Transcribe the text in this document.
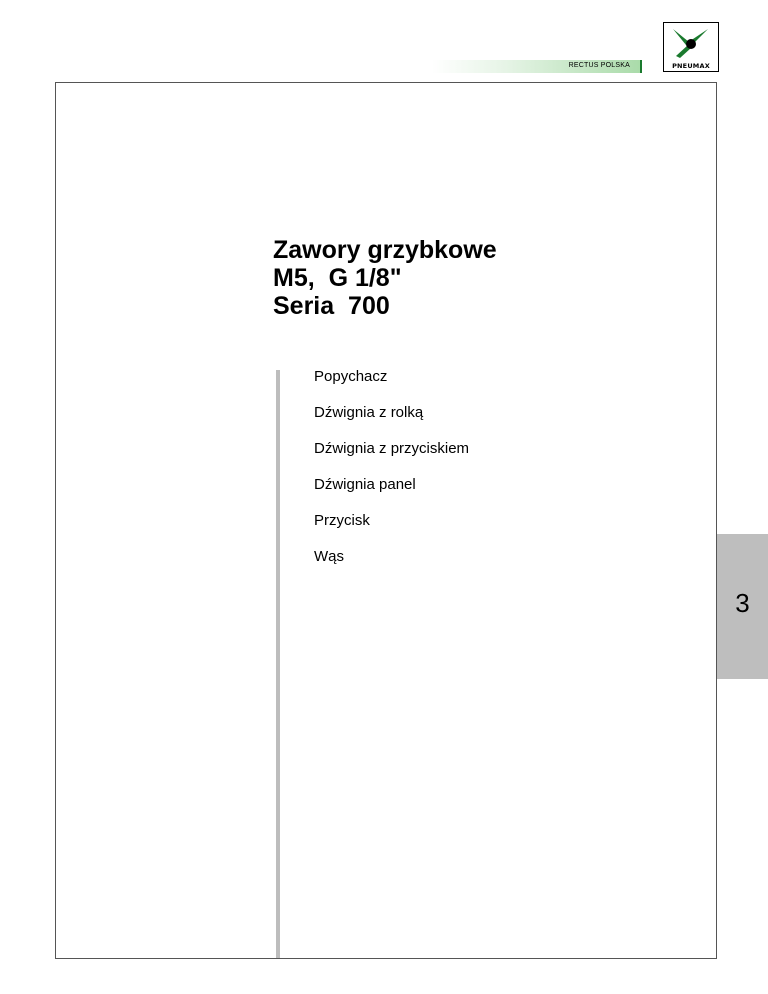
RECTUS POLSKA	PNEUMAX
Zawory grzybkowe
M5,  G 1/8"
Seria  700
Popychacz
Dźwignia z rolką
Dźwignia z przyciskiem
Dźwignia panel
Przycisk
Wąs
3
